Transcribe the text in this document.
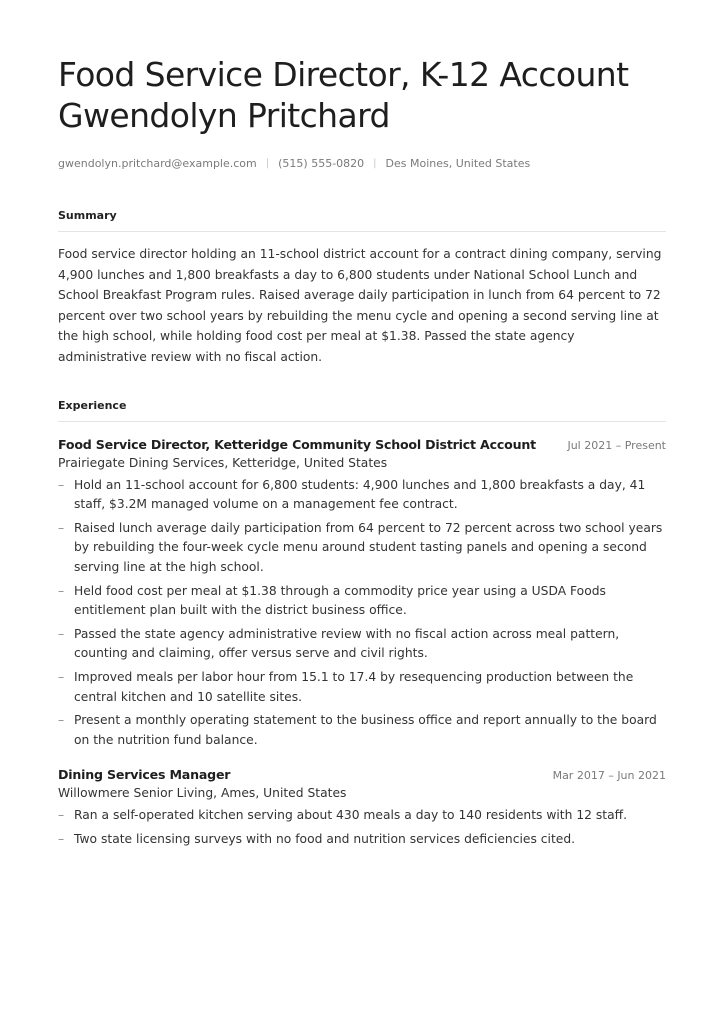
Food Service Director, K-12 Account
Gwendolyn Pritchard
gwendolyn.pritchard@example.com | (515) 555-0820 | Des Moines, United States
Summary

Food service director holding an 11-school district account for a contract dining company, serving 4,900 lunches and 1,800 breakfasts a day to 6,800 students under National School Lunch and School Breakfast Program rules. Raised average daily participation in lunch from 64 percent to 72 percent over two school years by rebuilding the menu cycle and opening a second serving line at the high school, while holding food cost per meal at $1.38. Passed the state agency administrative review with no fiscal action.

Experience
Food Service Director, Ketteridge Community School District Account	Jul 2021 – Present
Prairiegate Dining Services, Ketteridge, United States
– Hold an 11-school account for 6,800 students: 4,900 lunches and 1,800 breakfasts a day, 41 staff, $3.2M managed volume on a management fee contract.
– Raised lunch average daily participation from 64 percent to 72 percent across two school years by rebuilding the four-week cycle menu around student tasting panels and opening a second serving line at the high school.
– Held food cost per meal at $1.38 through a commodity price year using a USDA Foods entitlement plan built with the district business office.
– Passed the state agency administrative review with no fiscal action across meal pattern, counting and claiming, offer versus serve and civil rights.
– Improved meals per labor hour from 15.1 to 17.4 by resequencing production between the central kitchen and 10 satellite sites.
– Present a monthly operating statement to the business office and report annually to the board on the nutrition fund balance.
Dining Services Manager	Mar 2017 – Jun 2021
Willowmere Senior Living, Ames, United States
– Ran a self-operated kitchen serving about 430 meals a day to 140 residents with 12 staff.
– Two state licensing surveys with no food and nutrition services deficiencies cited.
